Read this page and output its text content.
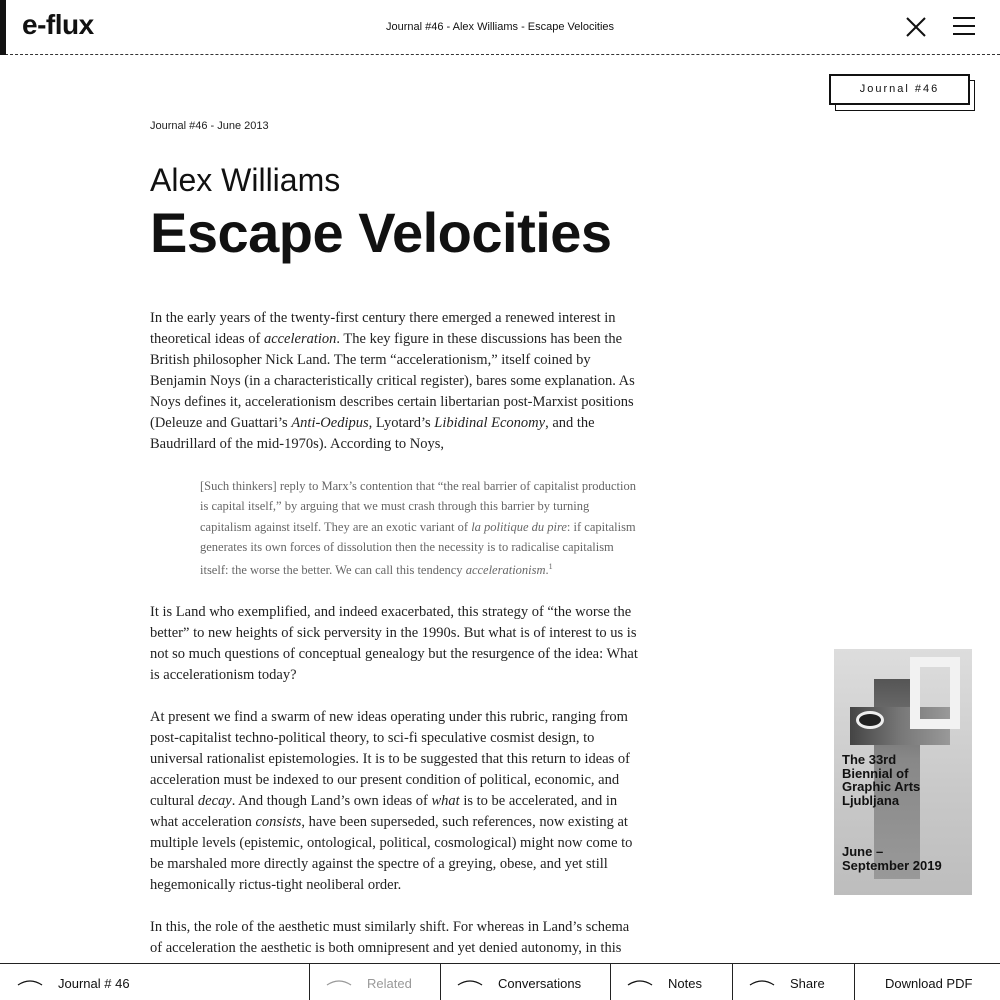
e-flux	Journal #46 - Alex Williams - Escape Velocities
Journal #46
Journal #46 - June 2013
Alex Williams
Escape Velocities

In the early years of the twenty-first century there emerged a renewed interest in theoretical ideas of acceleration. The key figure in these discussions has been the British philosopher Nick Land. The term “accelerationism,” itself coined by Benjamin Noys (in a characteristically critical register), bares some explanation. As Noys defines it, accelerationism describes certain libertarian post-Marxist positions (Deleuze and Guattari’s Anti-Oedipus, Lyotard’s Libidinal Economy, and the Baudrillard of the mid-1970s). According to Noys,

[Such thinkers] reply to Marx’s contention that “the real barrier of capitalist production is capital itself,” by arguing that we must crash through this barrier by turning capitalism against itself. They are an exotic variant of la politique du pire: if capitalism generates its own forces of dissolution then the necessity is to radicalise capitalism itself: the worse the better. We can call this tendency accelerationism.$^1$

It is Land who exemplified, and indeed exacerbated, this strategy of “the worse the better” to new heights of sick perversity in the 1990s. But what is of interest to us is not so much questions of conceptual genealogy but the resurgence of the idea: What is accelerationism today?

At present we find a swarm of new ideas operating under this rubric, ranging from post-capitalist techno-political theory, to sci-fi speculative cosmist design, to universal rationalist epistemologies. It is to be suggested that this return to ideas of acceleration must be indexed to our present condition of political, economic, and cultural decay. And though Land’s own ideas of what is to be accelerated, and in what acceleration consists, have been superseded, such references, now existing at multiple levels (epistemic, ontological, political, cosmological) might now come to be marshaled more directly against the spectre of a greying, obese, and yet still hegemonically rictus-tight neoliberal order.

In this, the role of the aesthetic must similarly shift. For whereas in Land’s schema of acceleration the aesthetic is both omnipresent and yet denied autonomy, in this

The 33rd Biennial of Graphic Arts Ljubljana
June – September 2019
Journal # 46	Related	Conversations	Notes	Share	Download PDF
